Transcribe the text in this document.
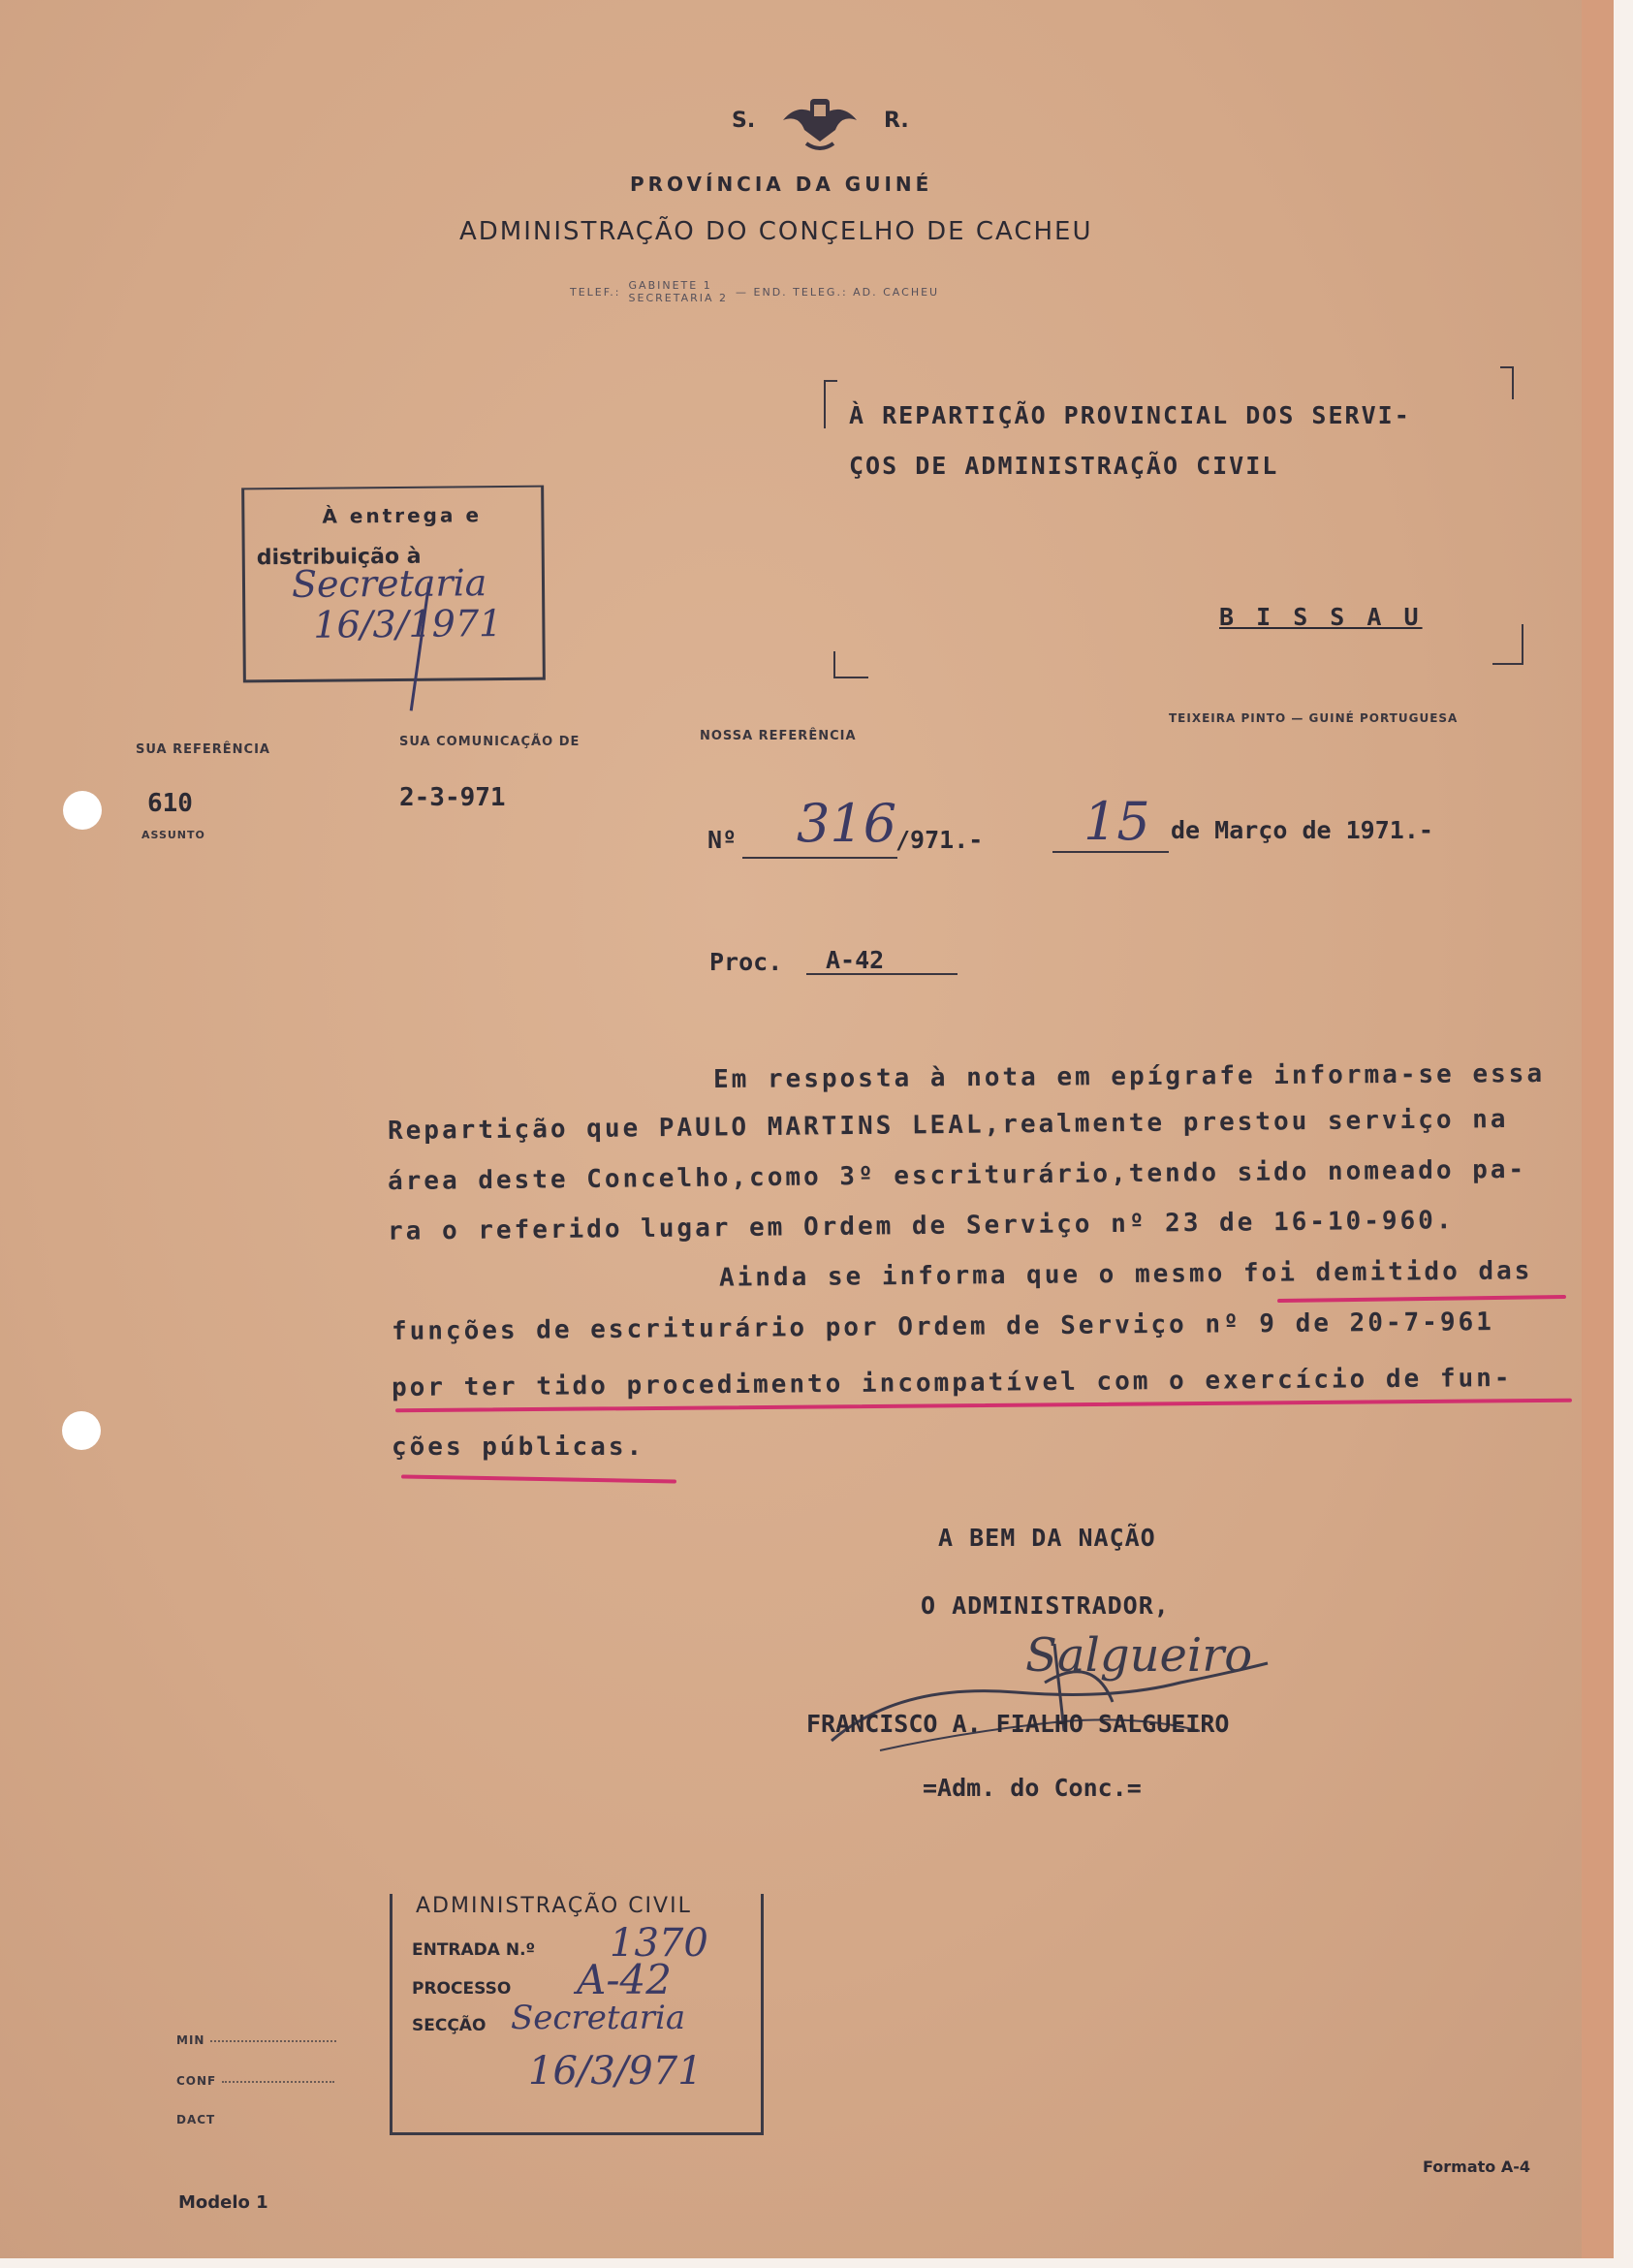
S.	R.
PROVÍNCIA DA GUINÉ
ADMINISTRAÇÃO DO CONÇELHO DE CACHEU
TELEF.: GABINETE 1
SECRETARIA 2 — END. TELEG.: AD. CACHEU
À REPARTIÇÃO PROVINCIAL DOS SERVI-
ÇOS DE ADMINISTRAÇÃO CIVIL
B I S S A U
À entrega e
distribuição à
Secretaria
16/3/1971
SUA REFERÊNCIA
610
ASSUNTO
SUA COMUNICAÇÃO DE
2-3-971
NOSSA REFERÊNCIA
TEIXEIRA PINTO — GUINÉ PORTUGUESA
Nº 316
/971.- 15 de Março de 1971.-
Proc. A-42
Em resposta à nota em epígrafe informa-se essa
Repartição que PAULO MARTINS LEAL,realmente prestou serviço na
área deste Concelho,como 3º escriturário,tendo sido nomeado pa-
ra o referido lugar em Ordem de Serviço nº 23 de 16-10-960.
Ainda se informa que o mesmo foi demitido das
funções de escriturário por Ordem de Serviço nº 9 de 20-7-961
por ter tido procedimento incompatível com o exercício de fun-
ções públicas.
A BEM DA NAÇÃO
O ADMINISTRADOR,
Salgueiro
FRANCISCO A. FIALHO SALGUEIRO
=Adm. do Conc.=
ADMINISTRAÇÃO CIVIL
ENTRADA N.º 1370
PROCESSO A-42
SECÇÃO Secretaria
16/3/971
MIN
CONF
DACT
Modelo 1
Formato A-4
